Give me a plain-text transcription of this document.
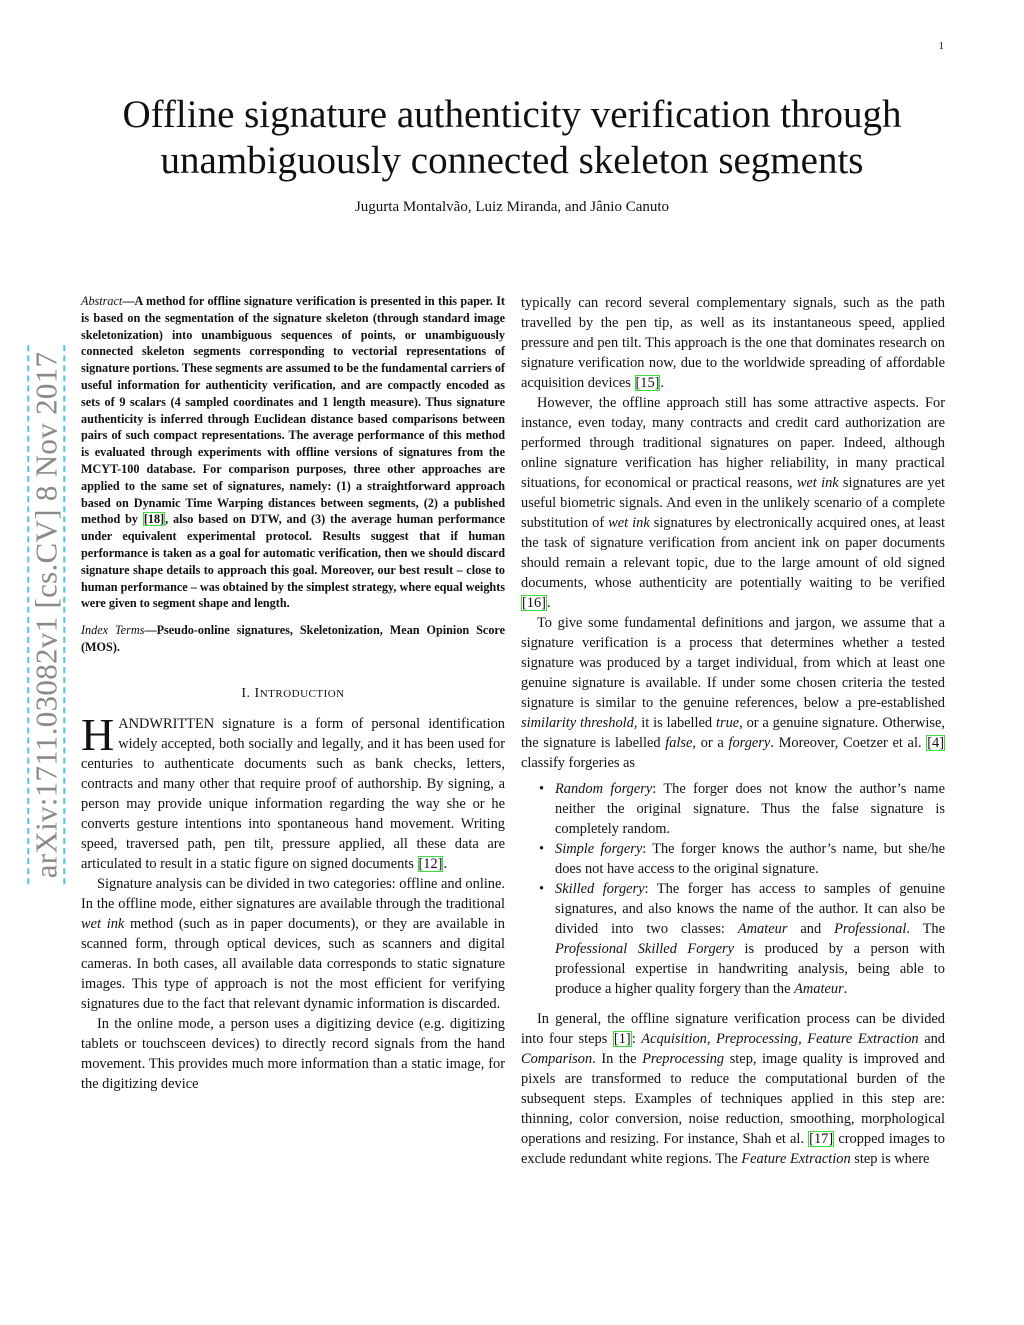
1
arXiv:1711.03082v1 [cs.CV] 8 Nov 2017
Offline signature authenticity verification through unambiguously connected skeleton segments
Jugurta Montalvão, Luiz Miranda, and Jânio Canuto
Abstract—A method for offline signature verification is presented in this paper. It is based on the segmentation of the signature skeleton (through standard image skeletonization) into unambiguous sequences of points, or unambiguously connected skeleton segments corresponding to vectorial representations of signature portions. These segments are assumed to be the fundamental carriers of useful information for authenticity verification, and are compactly encoded as sets of 9 scalars (4 sampled coordinates and 1 length measure). Thus signature authenticity is inferred through Euclidean distance based comparisons between pairs of such compact representations. The average performance of this method is evaluated through experiments with offline versions of signatures from the MCYT-100 database. For comparison purposes, three other approaches are applied to the same set of signatures, namely: (1) a straightforward approach based on Dynamic Time Warping distances between segments, (2) a published method by [18], also based on DTW, and (3) the average human performance under equivalent experimental protocol. Results suggest that if human performance is taken as a goal for automatic verification, then we should discard signature shape details to approach this goal. Moreover, our best result – close to human performance – was obtained by the simplest strategy, where equal weights were given to segment shape and length.
Index Terms—Pseudo-online signatures, Skeletonization, Mean Opinion Score (MOS).
I. INTRODUCTION

HANDWRITTEN signature is a form of personal identification widely accepted, both socially and legally, and it has been used for centuries to authenticate documents such as bank checks, letters, contracts and many other that require proof of authorship. By signing, a person may provide unique information regarding the way she or he converts gesture intentions into spontaneous hand movement. Writing speed, traversed path, pen tilt, pressure applied, all these data are articulated to result in a static figure on signed documents [12].

Signature analysis can be divided in two categories: offline and online. In the offline mode, either signatures are available through the traditional wet ink method (such as in paper documents), or they are available in scanned form, through optical devices, such as scanners and digital cameras. In both cases, all available data corresponds to static signature images. This type of approach is not the most efficient for verifying signatures due to the fact that relevant dynamic information is discarded.

In the online mode, a person uses a digitizing device (e.g. digitizing tablets or touchsceen devices) to directly record signals from the hand movement. This provides much more information than a static image, for the digitizing device

typically can record several complementary signals, such as the path travelled by the pen tip, as well as its instantaneous speed, applied pressure and pen tilt. This approach is the one that dominates research on signature verification now, due to the worldwide spreading of affordable acquisition devices [15].

However, the offline approach still has some attractive aspects. For instance, even today, many contracts and credit card authorization are performed through traditional signatures on paper. Indeed, although online signature verification has higher reliability, in many practical situations, for economical or practical reasons, wet ink signatures are yet useful biometric signals. And even in the unlikely scenario of a complete substitution of wet ink signatures by electronically acquired ones, at least the task of signature verification from ancient ink on paper documents should remain a relevant topic, due to the large amount of old signed documents, whose authenticity are potentially waiting to be verified [16].

To give some fundamental definitions and jargon, we assume that a signature verification is a process that determines whether a tested signature was produced by a target individual, from which at least one genuine signature is available. If under some chosen criteria the tested signature is similar to the genuine references, below a pre-established similarity threshold, it is labelled true, or a genuine signature. Otherwise, the signature is labelled false, or a forgery. Moreover, Coetzer et al. [4] classify forgeries as

• Random forgery: The forger does not know the author’s name neither the original signature. Thus the false signature is completely random.
• Simple forgery: The forger knows the author’s name, but she/he does not have access to the original signature.
• Skilled forgery: The forger has access to samples of genuine signatures, and also knows the name of the author. It can also be divided into two classes: Amateur and Professional. The Professional Skilled Forgery is produced by a person with professional expertise in handwriting analysis, being able to produce a higher quality forgery than the Amateur.

In general, the offline signature verification process can be divided into four steps [1]: Acquisition, Preprocessing, Feature Extraction and Comparison. In the Preprocessing step, image quality is improved and pixels are transformed to reduce the computational burden of the subsequent steps. Examples of techniques applied in this step are: thinning, color conversion, noise reduction, smoothing, morphological operations and resizing. For instance, Shah et al. [17] cropped images to exclude redundant white regions. The Feature Extraction step is where
